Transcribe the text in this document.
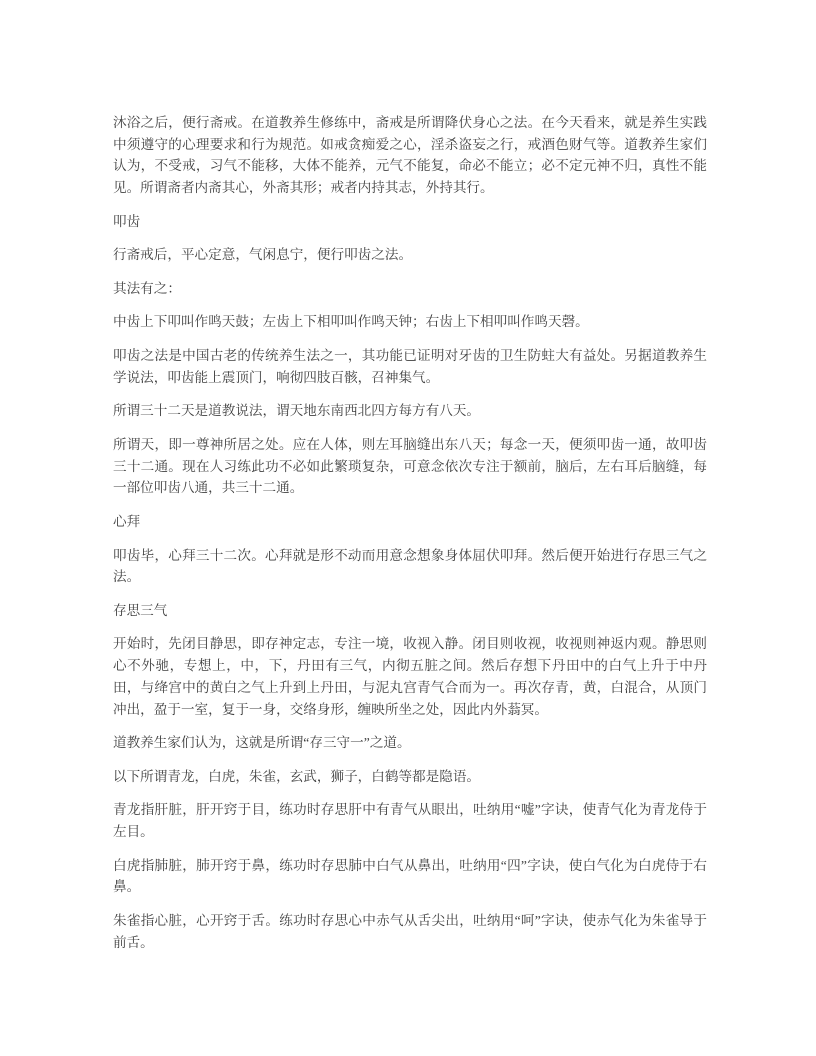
沐浴之后，便行斋戒。在道教养生修练中，斋戒是所谓降伏身心之法。在今天看来，就是养生实践中须遵守的心理要求和行为规范。如戒贪痴爱之心，淫杀盗妄之行，戒酒色财气等。道教养生家们认为，不受戒，习气不能移，大体不能养，元气不能复，命必不能立；必不定元神不归，真性不能见。所谓斋者内斋其心，外斋其形；戒者内持其志，外持其行。

叩齿

行斋戒后，平心定意，气闲息宁，便行叩齿之法。

其法有之：

中齿上下叩叫作鸣天鼓；左齿上下相叩叫作鸣天钟；右齿上下相叩叫作鸣天磬。

叩齿之法是中国古老的传统养生法之一，其功能已证明对牙齿的卫生防蛀大有益处。另据道教养生学说法，叩齿能上震顶门，响彻四肢百骸，召神集气。

所谓三十二天是道教说法，谓天地东南西北四方每方有八天。

所谓天，即一尊神所居之处。应在人体，则左耳脑缝出东八天；每念一天，便须叩齿一通，故叩齿三十二通。现在人习练此功不必如此繁琐复杂，可意念依次专注于额前，脑后，左右耳后脑缝，每一部位叩齿八通，共三十二通。

心拜

叩齿毕，心拜三十二次。心拜就是形不动而用意念想象身体屈伏叩拜。然后便开始进行存思三气之法。

存思三气

开始时，先闭目静思，即存神定志，专注一境，收视入静。闭目则收视，收视则神返内观。静思则心不外驰，专想上，中，下，丹田有三气，内彻五脏之间。然后存想下丹田中的白气上升于中丹田，与绛宫中的黄白之气上升到上丹田，与泥丸宫青气合而为一。再次存青，黄，白混合，从顶门冲出，盈于一室，复于一身，交络身形，缠映所坐之处，因此内外蓊冥。

道教养生家们认为，这就是所谓“存三守一”之道。

以下所谓青龙，白虎，朱雀，玄武，狮子，白鹤等都是隐语。

青龙指肝脏，肝开窍于目，练功时存思肝中有青气从眼出，吐纳用“嘘”字诀，使青气化为青龙侍于左目。

白虎指肺脏，肺开窍于鼻，练功时存思肺中白气从鼻出，吐纳用“四”字诀，使白气化为白虎侍于右鼻。

朱雀指心脏，心开窍于舌。练功时存思心中赤气从舌尖出，吐纳用“呵”字诀，使赤气化为朱雀导于前舌。
